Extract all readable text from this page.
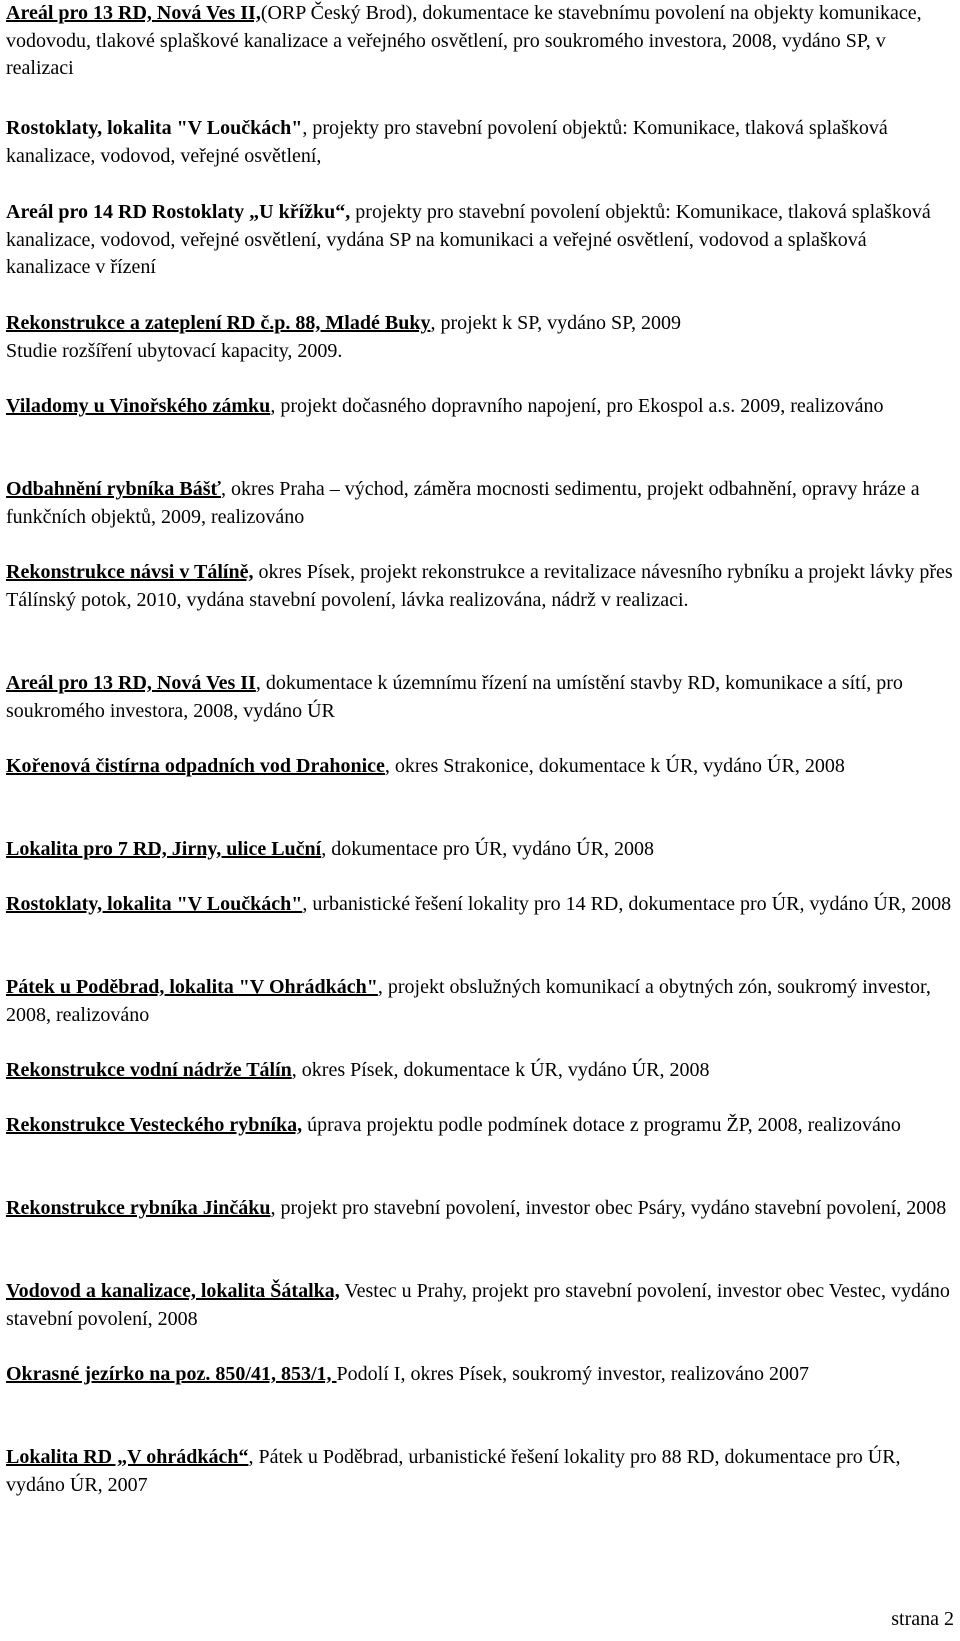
Areál pro 13 RD, Nová Ves II,(ORP Český Brod), dokumentace ke stavebnímu povolení na objekty komunikace, vodovodu, tlakové splaškové kanalizace a veřejného osvětlení, pro soukromého investora, 2008, vydáno SP, v realizaci

Rostoklaty, lokalita "V Loučkách", projekty pro stavební povolení objektů: Komunikace, tlaková splašková kanalizace, vodovod, veřejné osvětlení,

Areál pro 14 RD Rostoklaty „U křížku“, projekty pro stavební povolení objektů: Komunikace, tlaková splašková kanalizace, vodovod, veřejné osvětlení, vydána SP na komunikaci a veřejné osvětlení, vodovod a splašková kanalizace v řízení

Rekonstrukce a zateplení RD č.p. 88, Mladé Buky, projekt k SP, vydáno SP, 2009
Studie rozšíření ubytovací kapacity, 2009.

Viladomy u Vinořského zámku, projekt dočasného dopravního napojení, pro Ekospol a.s. 2009, realizováno

Odbahnění rybníka Bášť, okres Praha – východ, záměra mocnosti sedimentu, projekt odbahnění, opravy hráze a funkčních objektů, 2009, realizováno

Rekonstrukce návsi v Tálíně, okres Písek, projekt rekonstrukce a revitalizace návesního rybníku a projekt lávky přes Tálínský potok, 2010, vydána stavební povolení, lávka realizována, nádrž v realizaci.

Areál pro 13 RD, Nová Ves II, dokumentace k územnímu řízení na umístění stavby RD, komunikace a sítí, pro soukromého investora, 2008, vydáno ÚR

Kořenová čistírna odpadních vod Drahonice, okres Strakonice, dokumentace k ÚR, vydáno ÚR, 2008

Lokalita pro 7 RD, Jirny, ulice Luční, dokumentace pro ÚR, vydáno ÚR, 2008

Rostoklaty, lokalita "V Loučkách", urbanistické řešení lokality pro 14 RD, dokumentace pro ÚR, vydáno ÚR, 2008

Pátek u Poděbrad, lokalita "V Ohrádkách", projekt obslužných komunikací a obytných zón, soukromý investor, 2008, realizováno

Rekonstrukce vodní nádrže Tálín, okres Písek, dokumentace k ÚR, vydáno ÚR, 2008

Rekonstrukce Vesteckého rybníka, úprava projektu podle podmínek dotace z programu ŽP, 2008, realizováno

Rekonstrukce rybníka Jinčáku, projekt pro stavební povolení, investor obec Psáry, vydáno stavební povolení, 2008

Vodovod a kanalizace, lokalita Šátalka, Vestec u Prahy, projekt pro stavební povolení, investor obec Vestec, vydáno stavební povolení, 2008

Okrasné jezírko na poz. 850/41, 853/1, Podolí I, okres Písek, soukromý investor, realizováno 2007

Lokalita RD „V ohrádkách“, Pátek u Poděbrad, urbanistické řešení lokality pro 88 RD, dokumentace pro ÚR, vydáno ÚR, 2007

strana 2
